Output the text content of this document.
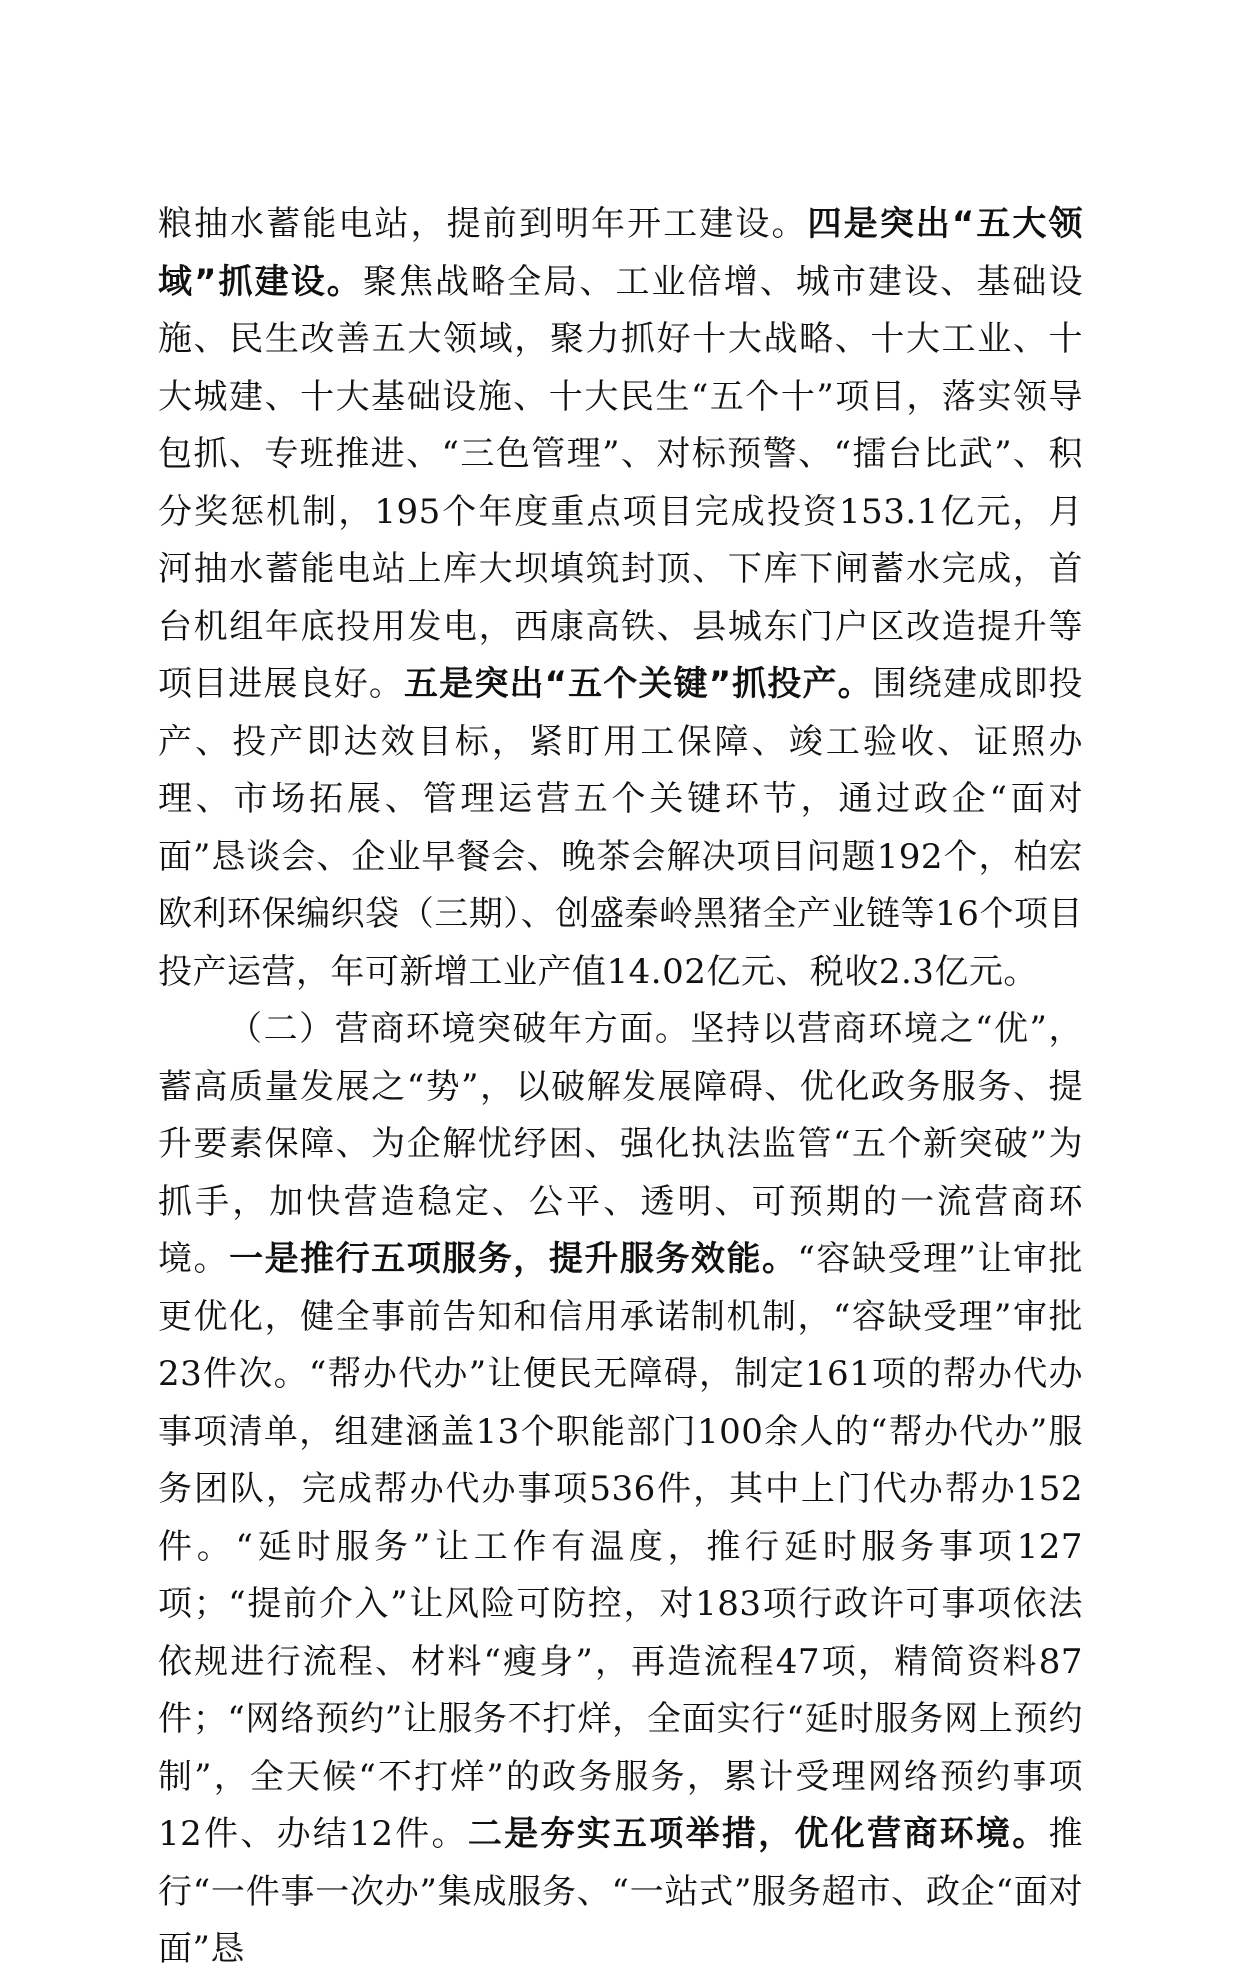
粮抽水蓄能电站，提前到明年开工建设。四是突出“五大领域”抓建设。聚焦战略全局、工业倍增、城市建设、基础设施、民生改善五大领域，聚力抓好十大战略、十大工业、十大城建、十大基础设施、十大民生“五个十”项目，落实领导包抓、专班推进、“三色管理”、对标预警、“擂台比武”、积分奖惩机制，195个年度重点项目完成投资153.1亿元，月河抽水蓄能电站上库大坝填筑封顶、下库下闸蓄水完成，首台机组年底投用发电，西康高铁、县城东门户区改造提升等项目进展良好。五是突出“五个关键”抓投产。围绕建成即投产、投产即达效目标，紧盯用工保障、竣工验收、证照办理、市场拓展、管理运营五个关键环节，通过政企“面对面”恳谈会、企业早餐会、晚茶会解决项目问题192个，柏宏欧利环保编织袋（三期）、创盛秦岭黑猪全产业链等16个项目投产运营，年可新增工业产值14.02亿元、税收2.3亿元。

（二）营商环境突破年方面。坚持以营商环境之“优”，蓄高质量发展之“势”，以破解发展障碍、优化政务服务、提升要素保障、为企解忧纾困、强化执法监管“五个新突破”为抓手，加快营造稳定、公平、透明、可预期的一流营商环境。一是推行五项服务，提升服务效能。“容缺受理”让审批更优化，健全事前告知和信用承诺制机制，“容缺受理”审批23件次。“帮办代办”让便民无障碍，制定161项的帮办代办事项清单，组建涵盖13个职能部门100余人的“帮办代办”服务团队，完成帮办代办事项536件，其中上门代办帮办152件。“延时服务”让工作有温度，推行延时服务事项127项；“提前介入”让风险可防控，对183项行政许可事项依法依规进行流程、材料“瘦身”，再造流程47项，精简资料87件；“网络预约”让服务不打烊，全面实行“延时服务网上预约制”，全天候“不打烊”的政务服务，累计受理网络预约事项12件、办结12件。二是夯实五项举措，优化营商环境。推行“一件事一次办”集成服务、“一站式”服务超市、政企“面对面”恳
